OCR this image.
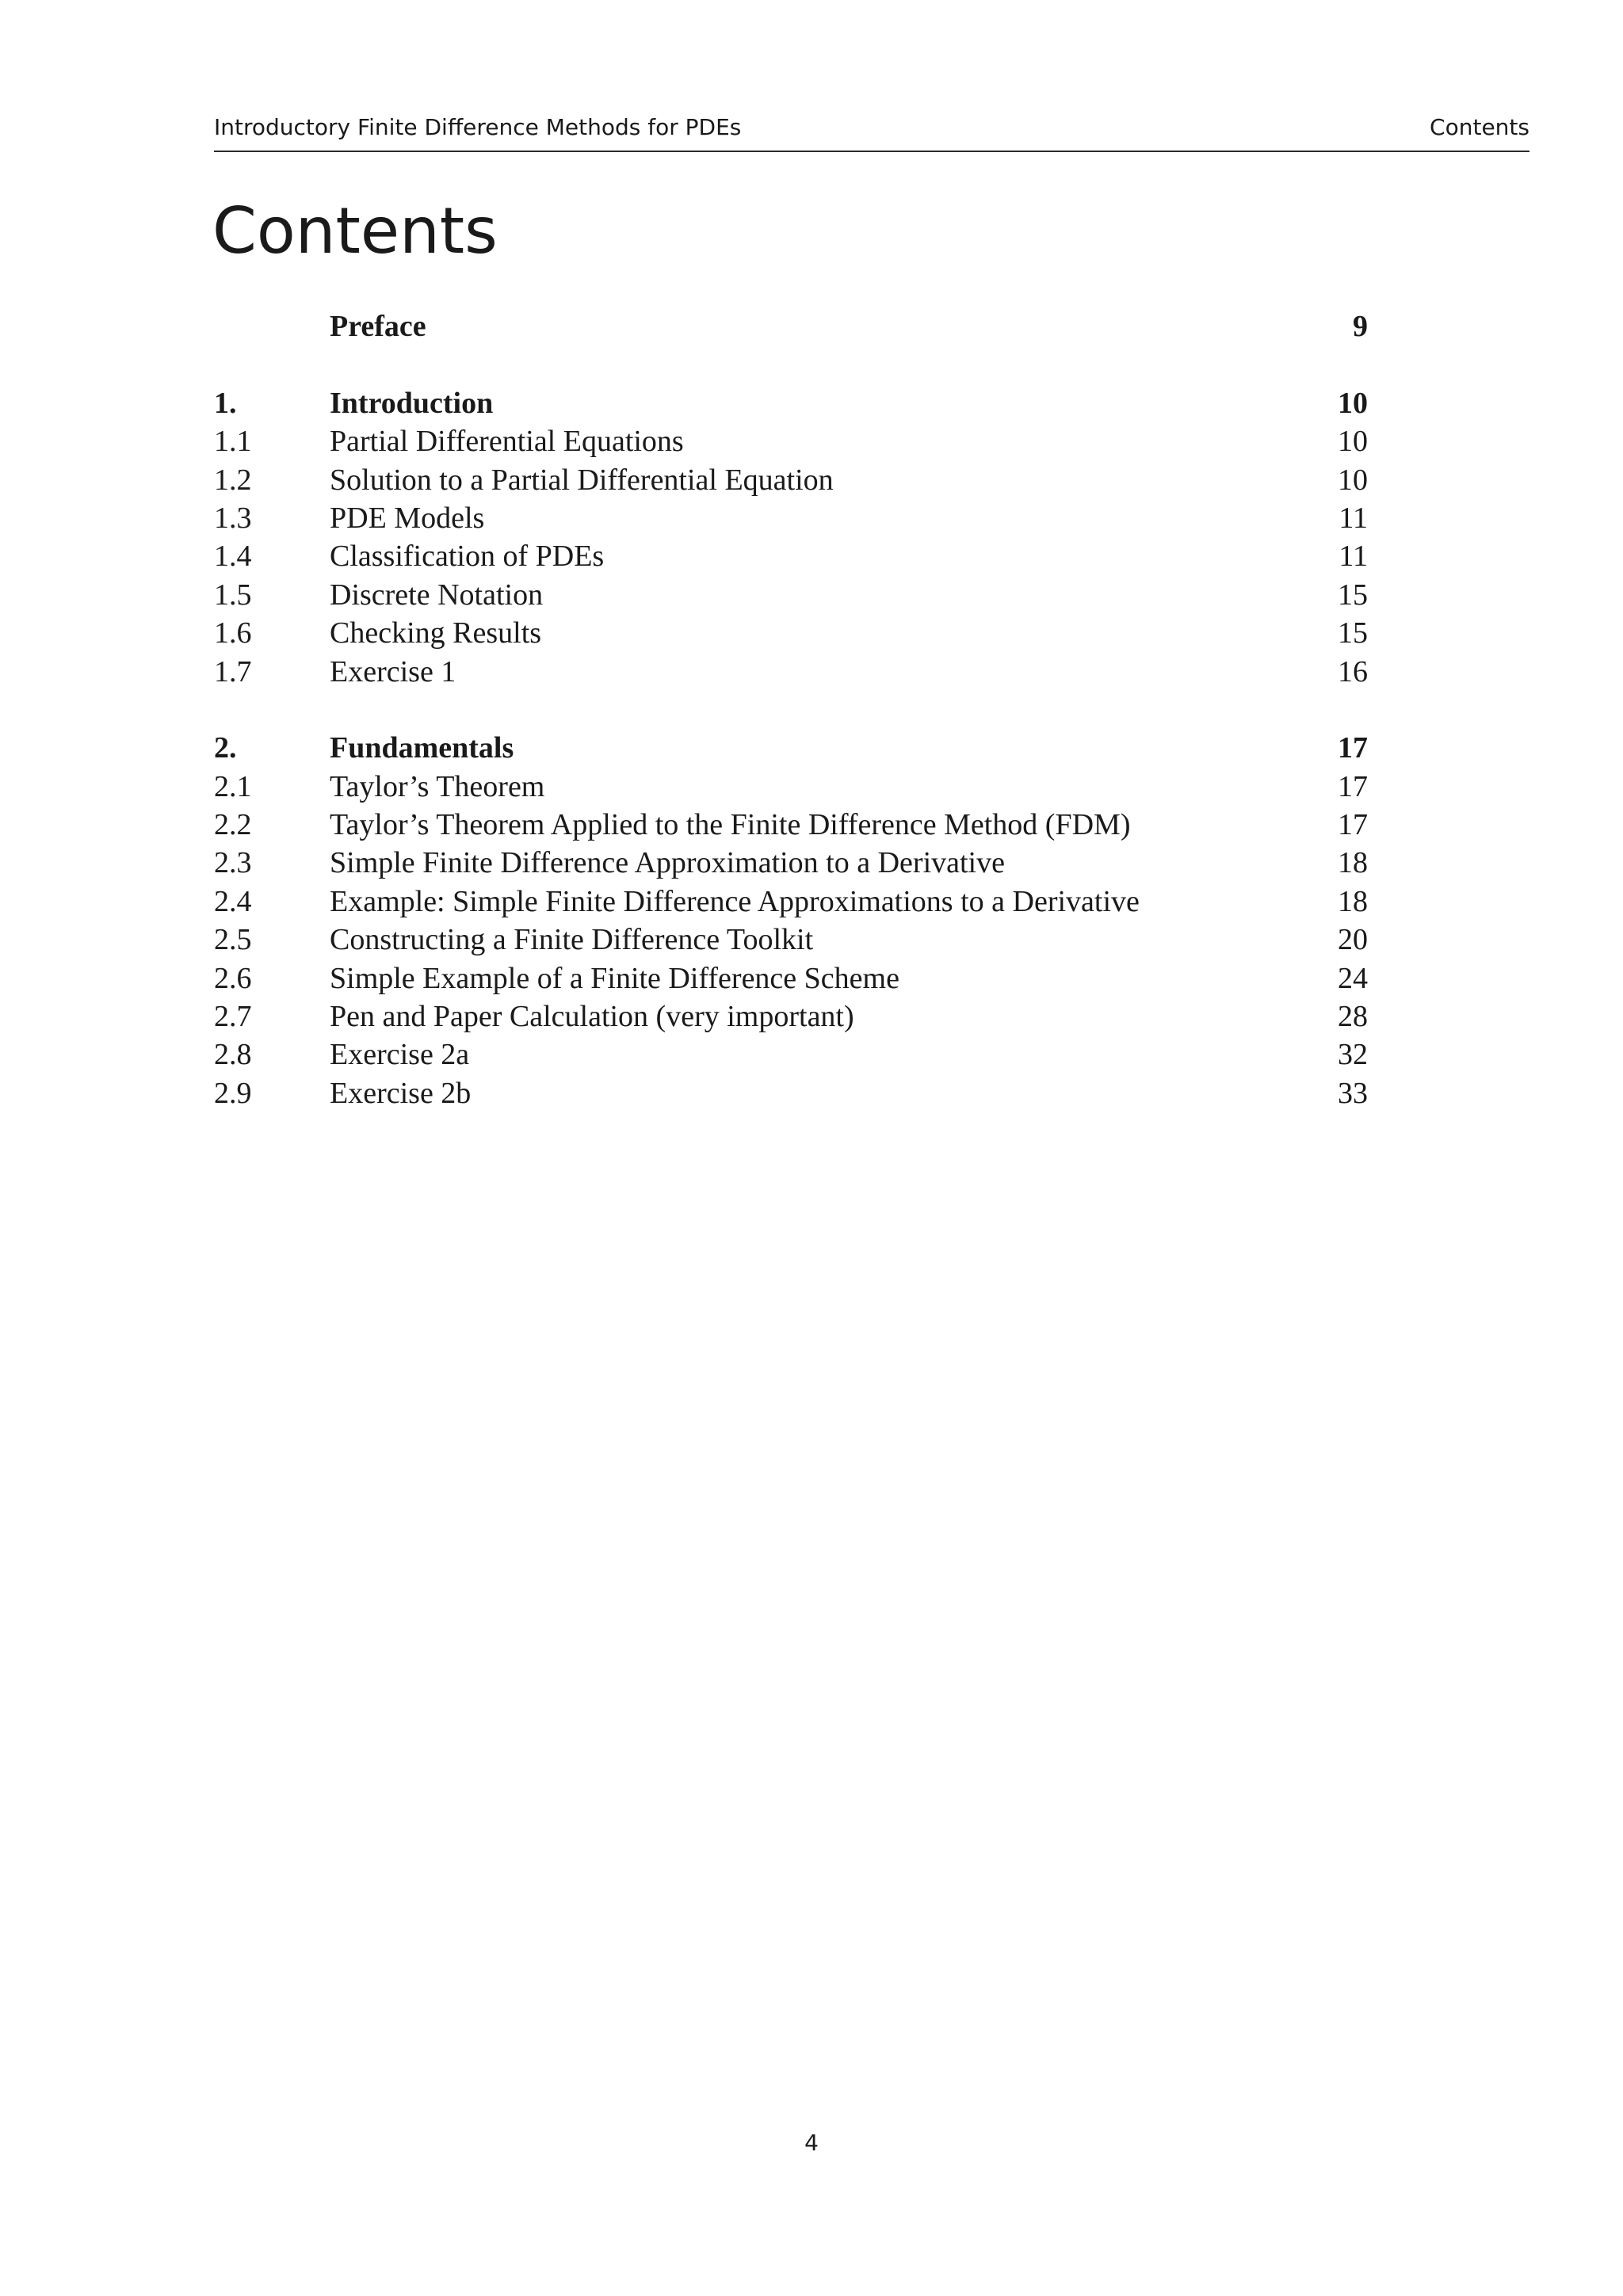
Introductory Finite Difference Methods for PDEs	Contents
Contents
Preface	9
1.	Introduction	10
1.1	Partial Differential Equations	10
1.2	Solution to a Partial Differential Equation	10
1.3	PDE Models	11
1.4	Classification of PDEs	11
1.5	Discrete Notation	15
1.6	Checking Results	15
1.7	Exercise 1	16
2.	Fundamentals	17
2.1	Taylor’s Theorem	17
2.2	Taylor’s Theorem Applied to the Finite Difference Method (FDM)	17
2.3	Simple Finite Difference Approximation to a Derivative	18
2.4	Example: Simple Finite Difference Approximations to a Derivative	18
2.5	Constructing a Finite Difference Toolkit	20
2.6	Simple Example of a Finite Difference Scheme	24
2.7	Pen and Paper Calculation (very important)	28
2.8	Exercise 2a	32
2.9	Exercise 2b	33
4
